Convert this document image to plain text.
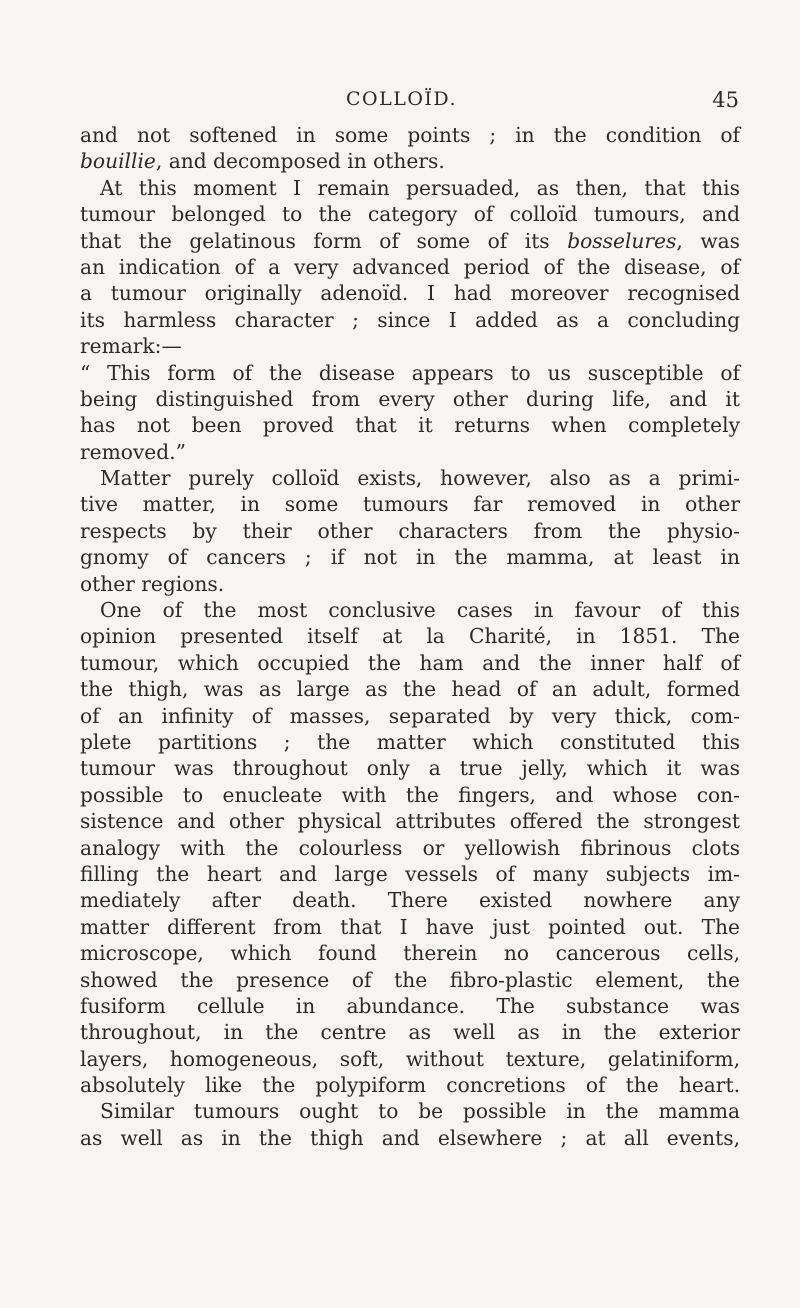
COLLOÏD.	45
and not softened in some points ; in the condition of
bouillie, and decomposed in others.
At this moment I remain persuaded, as then, that this
tumour belonged to the category of colloïd tumours, and
that the gelatinous form of some of its bosselures, was
an indication of a very advanced period of the disease, of
a tumour originally adenoïd. I had moreover recognised
its harmless character ; since I added as a concluding
remark:—
“ This form of the disease appears to us susceptible of
being distinguished from every other during life, and it
has not been proved that it returns when completely
removed.”
Matter purely colloïd exists, however, also as a primi-
tive matter, in some tumours far removed in other
respects by their other characters from the physio-
gnomy of cancers ; if not in the mamma, at least in
other regions.
One of the most conclusive cases in favour of this
opinion presented itself at la Charité, in 1851. The
tumour, which occupied the ham and the inner half of
the thigh, was as large as the head of an adult, formed
of an infinity of masses, separated by very thick, com-
plete partitions ; the matter which constituted this
tumour was throughout only a true jelly, which it was
possible to enucleate with the fingers, and whose con-
sistence and other physical attributes offered the strongest
analogy with the colourless or yellowish fibrinous clots
filling the heart and large vessels of many subjects im-
mediately after death. There existed nowhere any
matter different from that I have just pointed out. The
microscope, which found therein no cancerous cells,
showed the presence of the fibro-plastic element, the
fusiform cellule in abundance. The substance was
throughout, in the centre as well as in the exterior
layers, homogeneous, soft, without texture, gelatiniform,
absolutely like the polypiform concretions of the heart.
Similar tumours ought to be possible in the mamma
as well as in the thigh and elsewhere ; at all events,
